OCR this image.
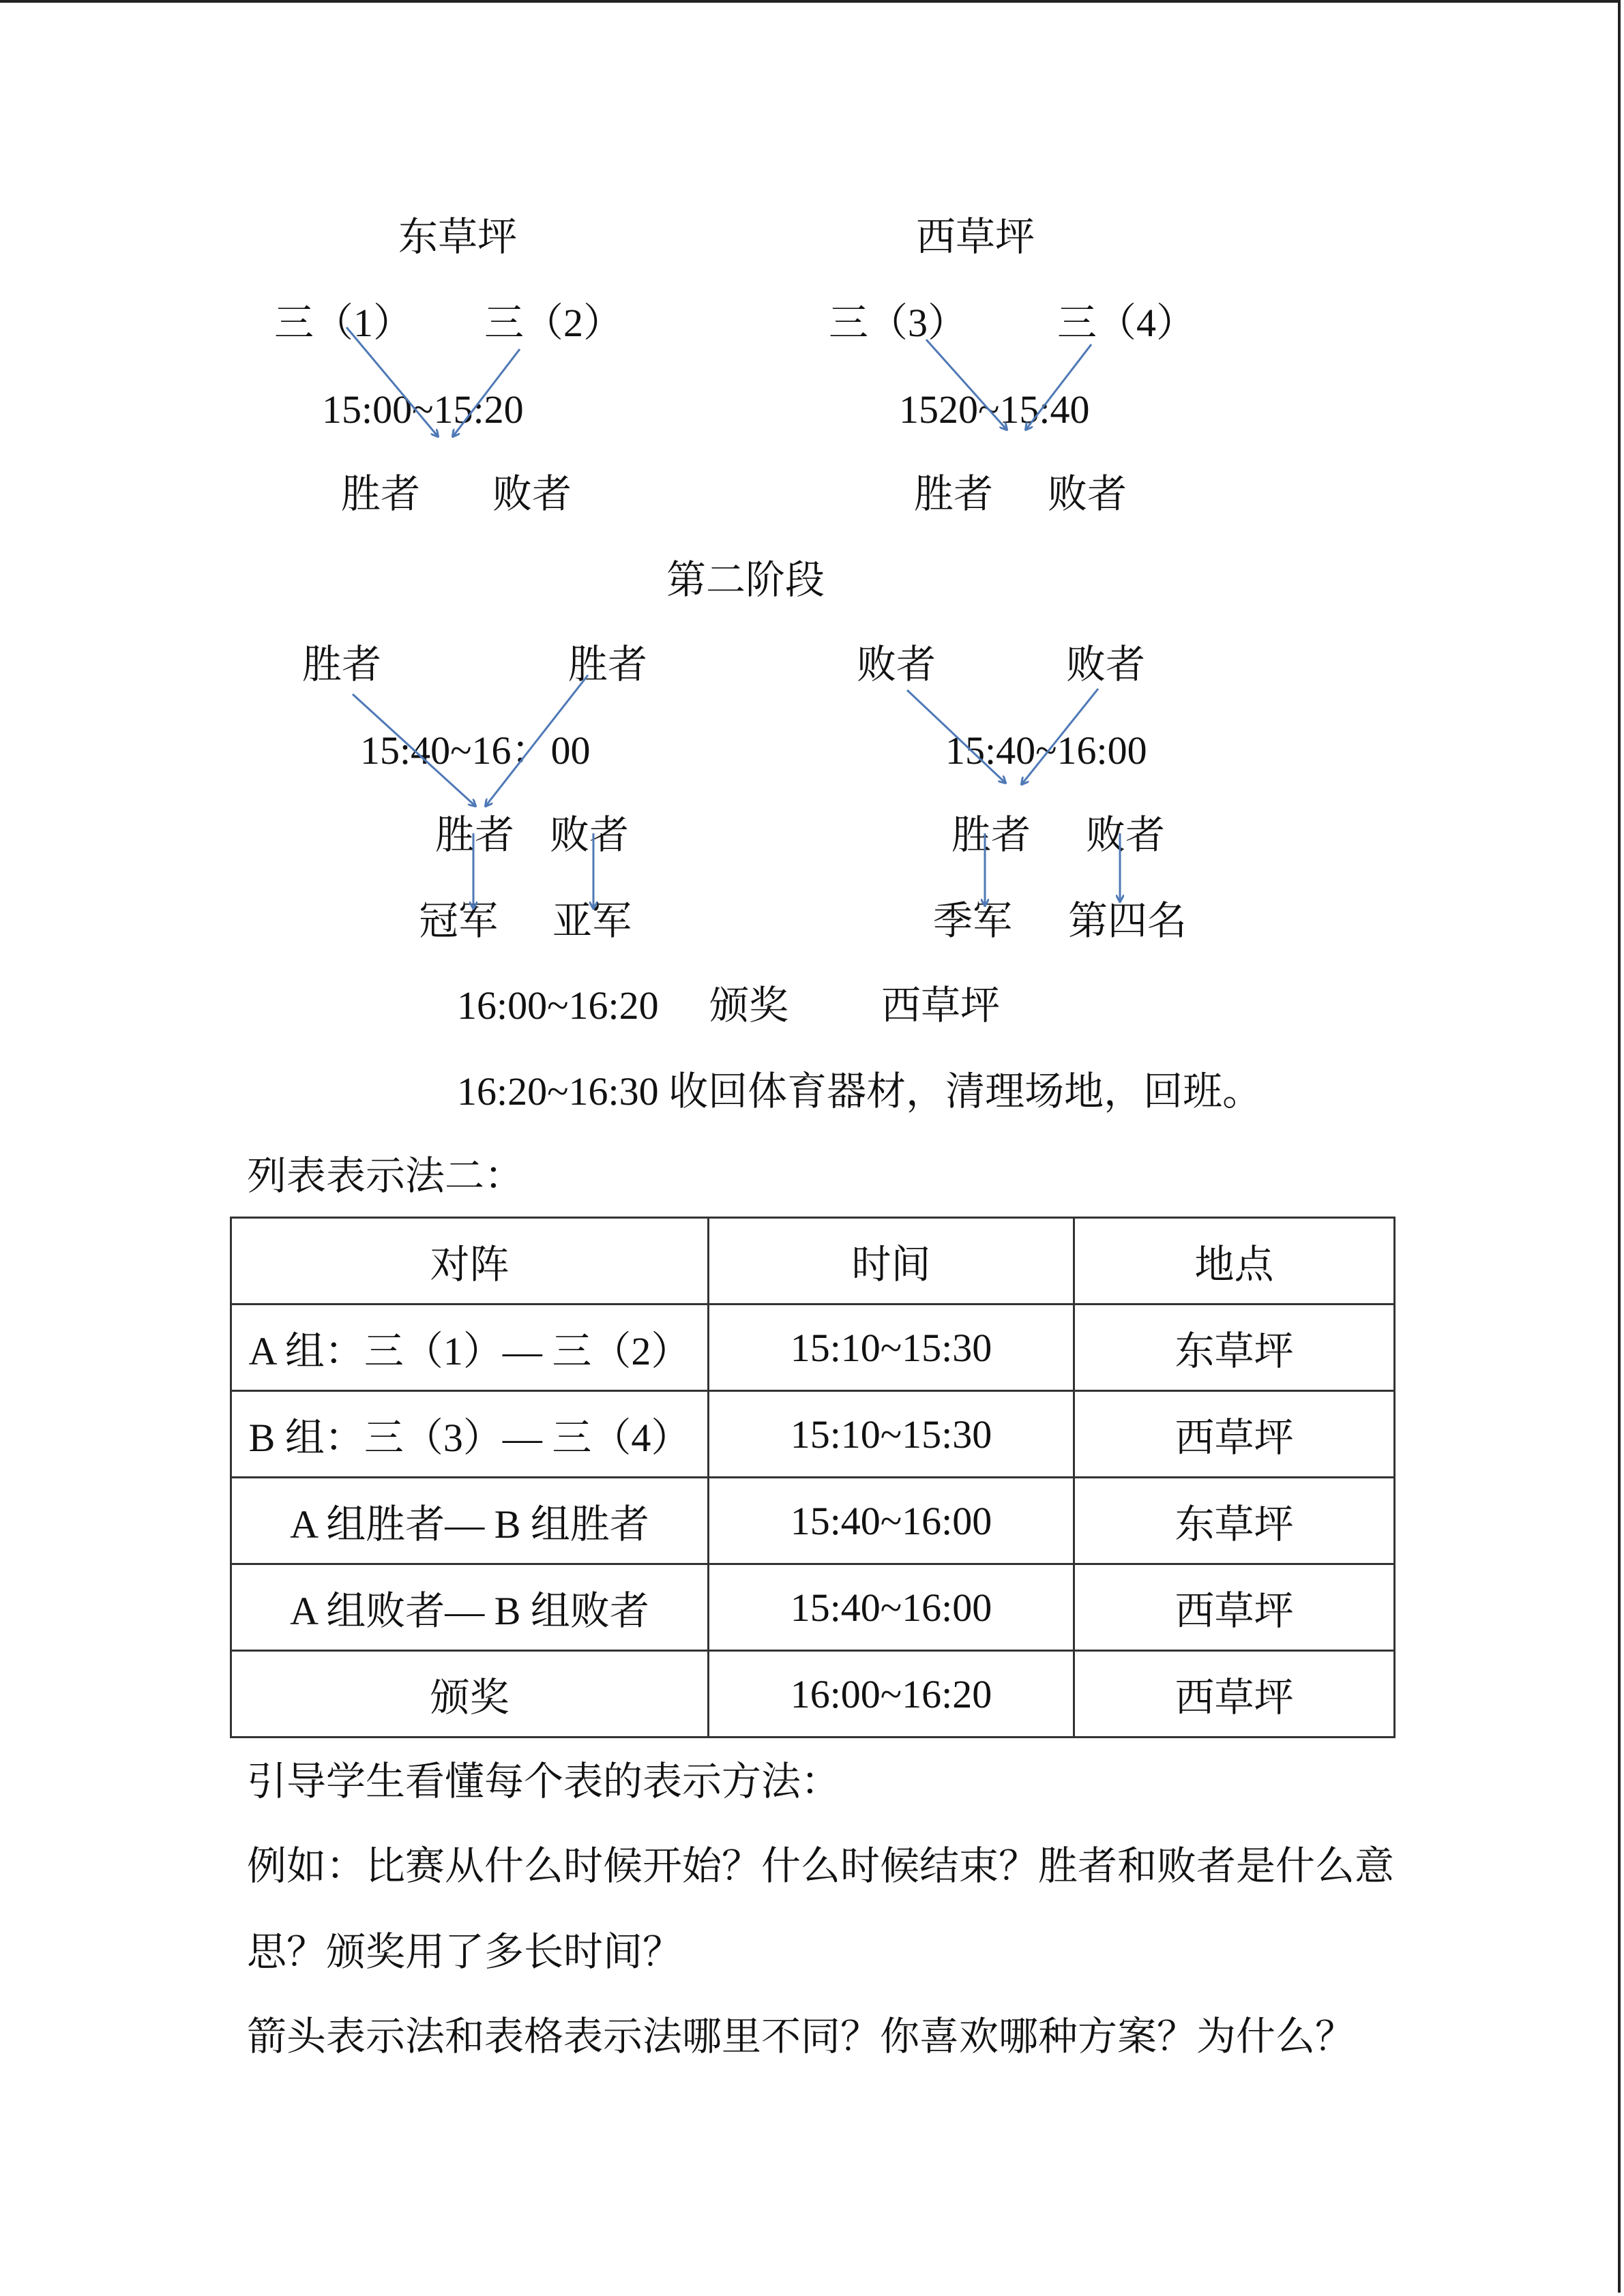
东草坪
三（1） 三（2）
15:00~15:20
胜者 败者
西草坪
三（3） 三（4）
1520~15:40
胜者 败者
第二阶段
胜者	胜者
15:40~16：00
胜者 败者
冠军 亚军
败者	败者
15:40~16:00
胜者 败者
季军 第四名
16:00~16:20 颁奖 西草坪
16:20~16:30 收回体育器材，清理场地，回班。
列表表示法二：
对阵	时间	地点
A 组：三（1）— 三（2）	15:10~15:30	东草坪
B 组：三（3）— 三（4）	15:10~15:30	西草坪
A 组胜者— B 组胜者	15:40~16:00	东草坪
A 组败者— B 组败者	15:40~16:00	西草坪
颁奖	16:00~16:20	西草坪
引导学生看懂每个表的表示方法：
例如：比赛从什么时候开始？什么时候结束？胜者和败者是什么意
思？颁奖用了多长时间？
箭头表示法和表格表示法哪里不同？你喜欢哪种方案？为什么？
